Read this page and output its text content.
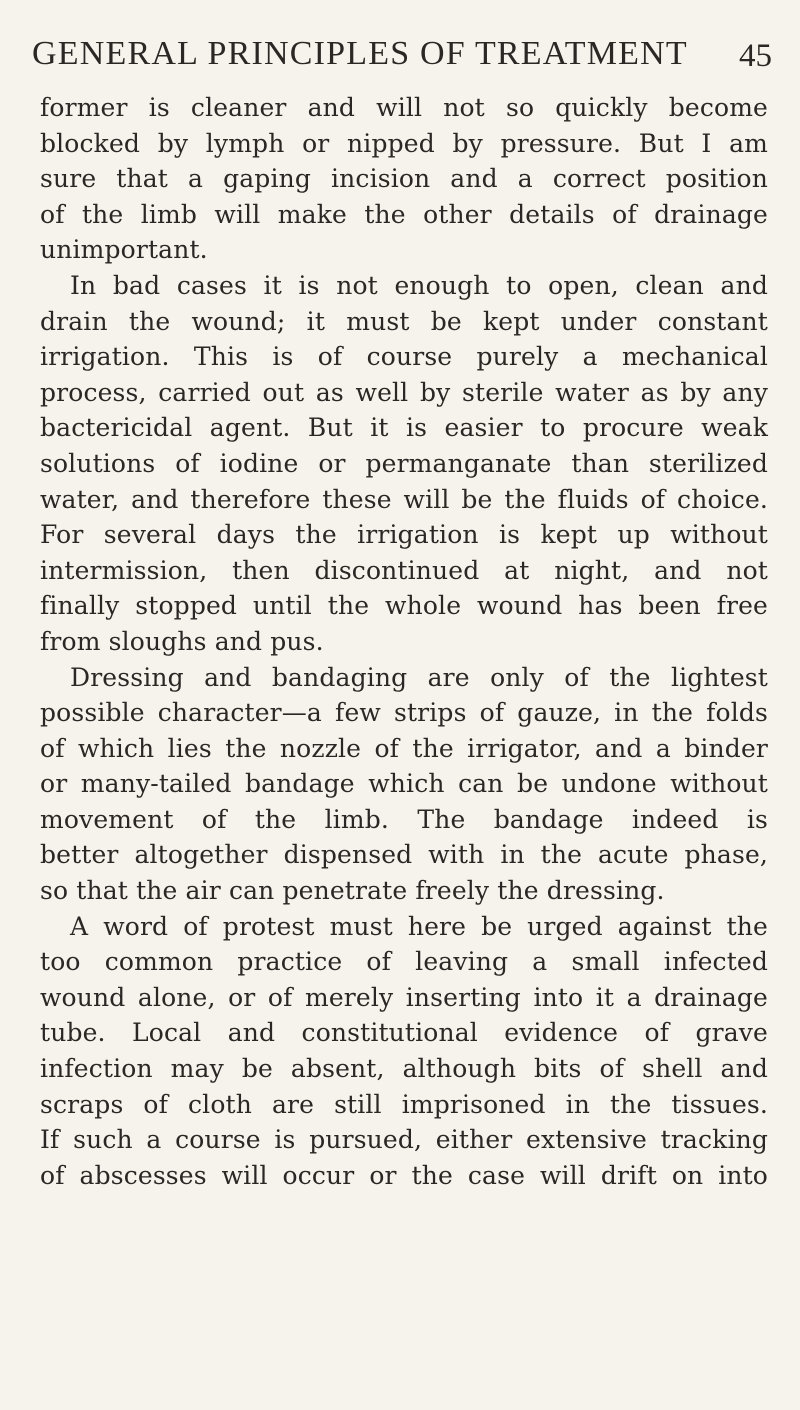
GENERAL PRINCIPLES OF TREATMENT 45
former is cleaner and will not so quickly become
blocked by lymph or nipped by pressure. But I am
sure that a gaping incision and a correct position
of the limb will make the other details of drainage
unimportant.
In bad cases it is not enough to open, clean and
drain the wound; it must be kept under constant
irrigation. This is of course purely a mechanical
process, carried out as well by sterile water as by any
bactericidal agent. But it is easier to procure weak
solutions of iodine or permanganate than sterilized
water, and therefore these will be the fluids of choice.
For several days the irrigation is kept up without
intermission, then discontinued at night, and not
finally stopped until the whole wound has been free
from sloughs and pus.
Dressing and bandaging are only of the lightest
possible character—a few strips of gauze, in the folds
of which lies the nozzle of the irrigator, and a binder
or many-tailed bandage which can be undone without
movement of the limb. The bandage indeed is
better altogether dispensed with in the acute phase,
so that the air can penetrate freely the dressing.
A word of protest must here be urged against the
too common practice of leaving a small infected
wound alone, or of merely inserting into it a drainage
tube. Local and constitutional evidence of grave
infection may be absent, although bits of shell and
scraps of cloth are still imprisoned in the tissues.
If such a course is pursued, either extensive tracking
of abscesses will occur or the case will drift on into
